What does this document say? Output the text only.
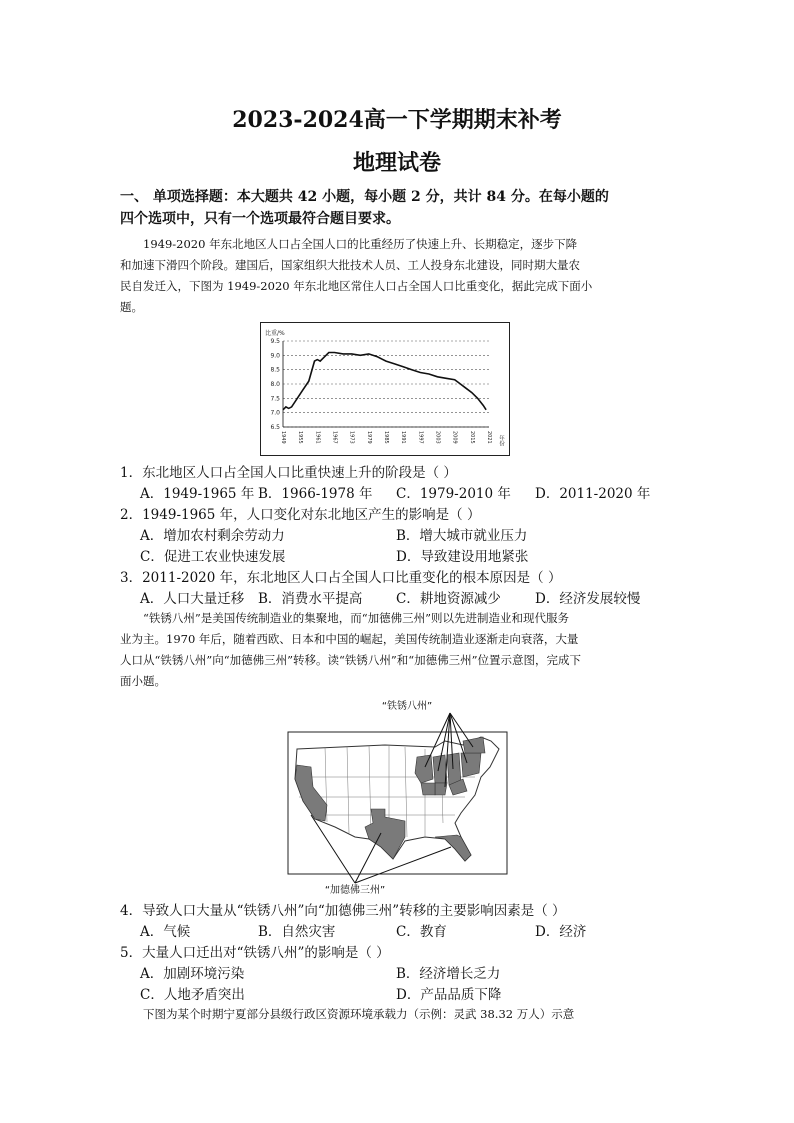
2023-2024高一下学期期末补考
地理试卷
一、 单项选择题：本大题共 42 小题，每小题 2 分，共计 84 分。在每小题的
四个选项中，只有一个选项最符合题目要求。
1949-2020 年东北地区人口占全国人口的比重经历了快速上升、长期稳定，逐步下降
和加速下滑四个阶段。建国后，国家组织大批技术人员、工人投身东北建设，同时期大量农
民自发迁入，下图为 1949-2020 年东北地区常住人口占全国人口比重变化，据此完成下面小
题。
比重/%
年份
6.5
7.0
7.5
8.0
8.5
9.0
9.5
1949 1955 1961 1967 1973 1979 1985 1991 1997 2003 2009 2015 2021
1．东北地区人口占全国人口比重快速上升的阶段是（ ）
A．1949-1965 年 B．1966-1978 年 C．1979-2010 年 D．2011-2020 年
2．1949-1965 年，人口变化对东北地区产生的影响是（ ）
A．增加农村剩余劳动力	B．增大城市就业压力
C．促进工农业快速发展	D．导致建设用地紧张
3．2011-2020 年，东北地区人口占全国人口比重变化的根本原因是（ ）
A．人口大量迁移 B．消费水平提高 C．耕地资源减少	D．经济发展较慢
“铁锈八州”是美国传统制造业的集聚地，而“加德佛三州”则以先进制造业和现代服务
业为主。1970 年后，随着西欧、日本和中国的崛起，美国传统制造业逐渐走向衰落，大量
人口从“铁锈八州”向“加德佛三州”转移。读“铁锈八州”和“加德佛三州”位置示意图，完成下
面小题。
“铁锈八州”
“加德佛三州”
4．导致人口大量从“铁锈八州”向“加德佛三州”转移的主要影响因素是（ ）
A．气候	B．自然灾害	C．教育	D．经济
5．大量人口迁出对“铁锈八州”的影响是（ ）
A．加剧环境污染	B．经济增长乏力
C．人地矛盾突出	D．产品品质下降
下图为某个时期宁夏部分县级行政区资源环境承载力（示例：灵武 38.32 万人）示意
